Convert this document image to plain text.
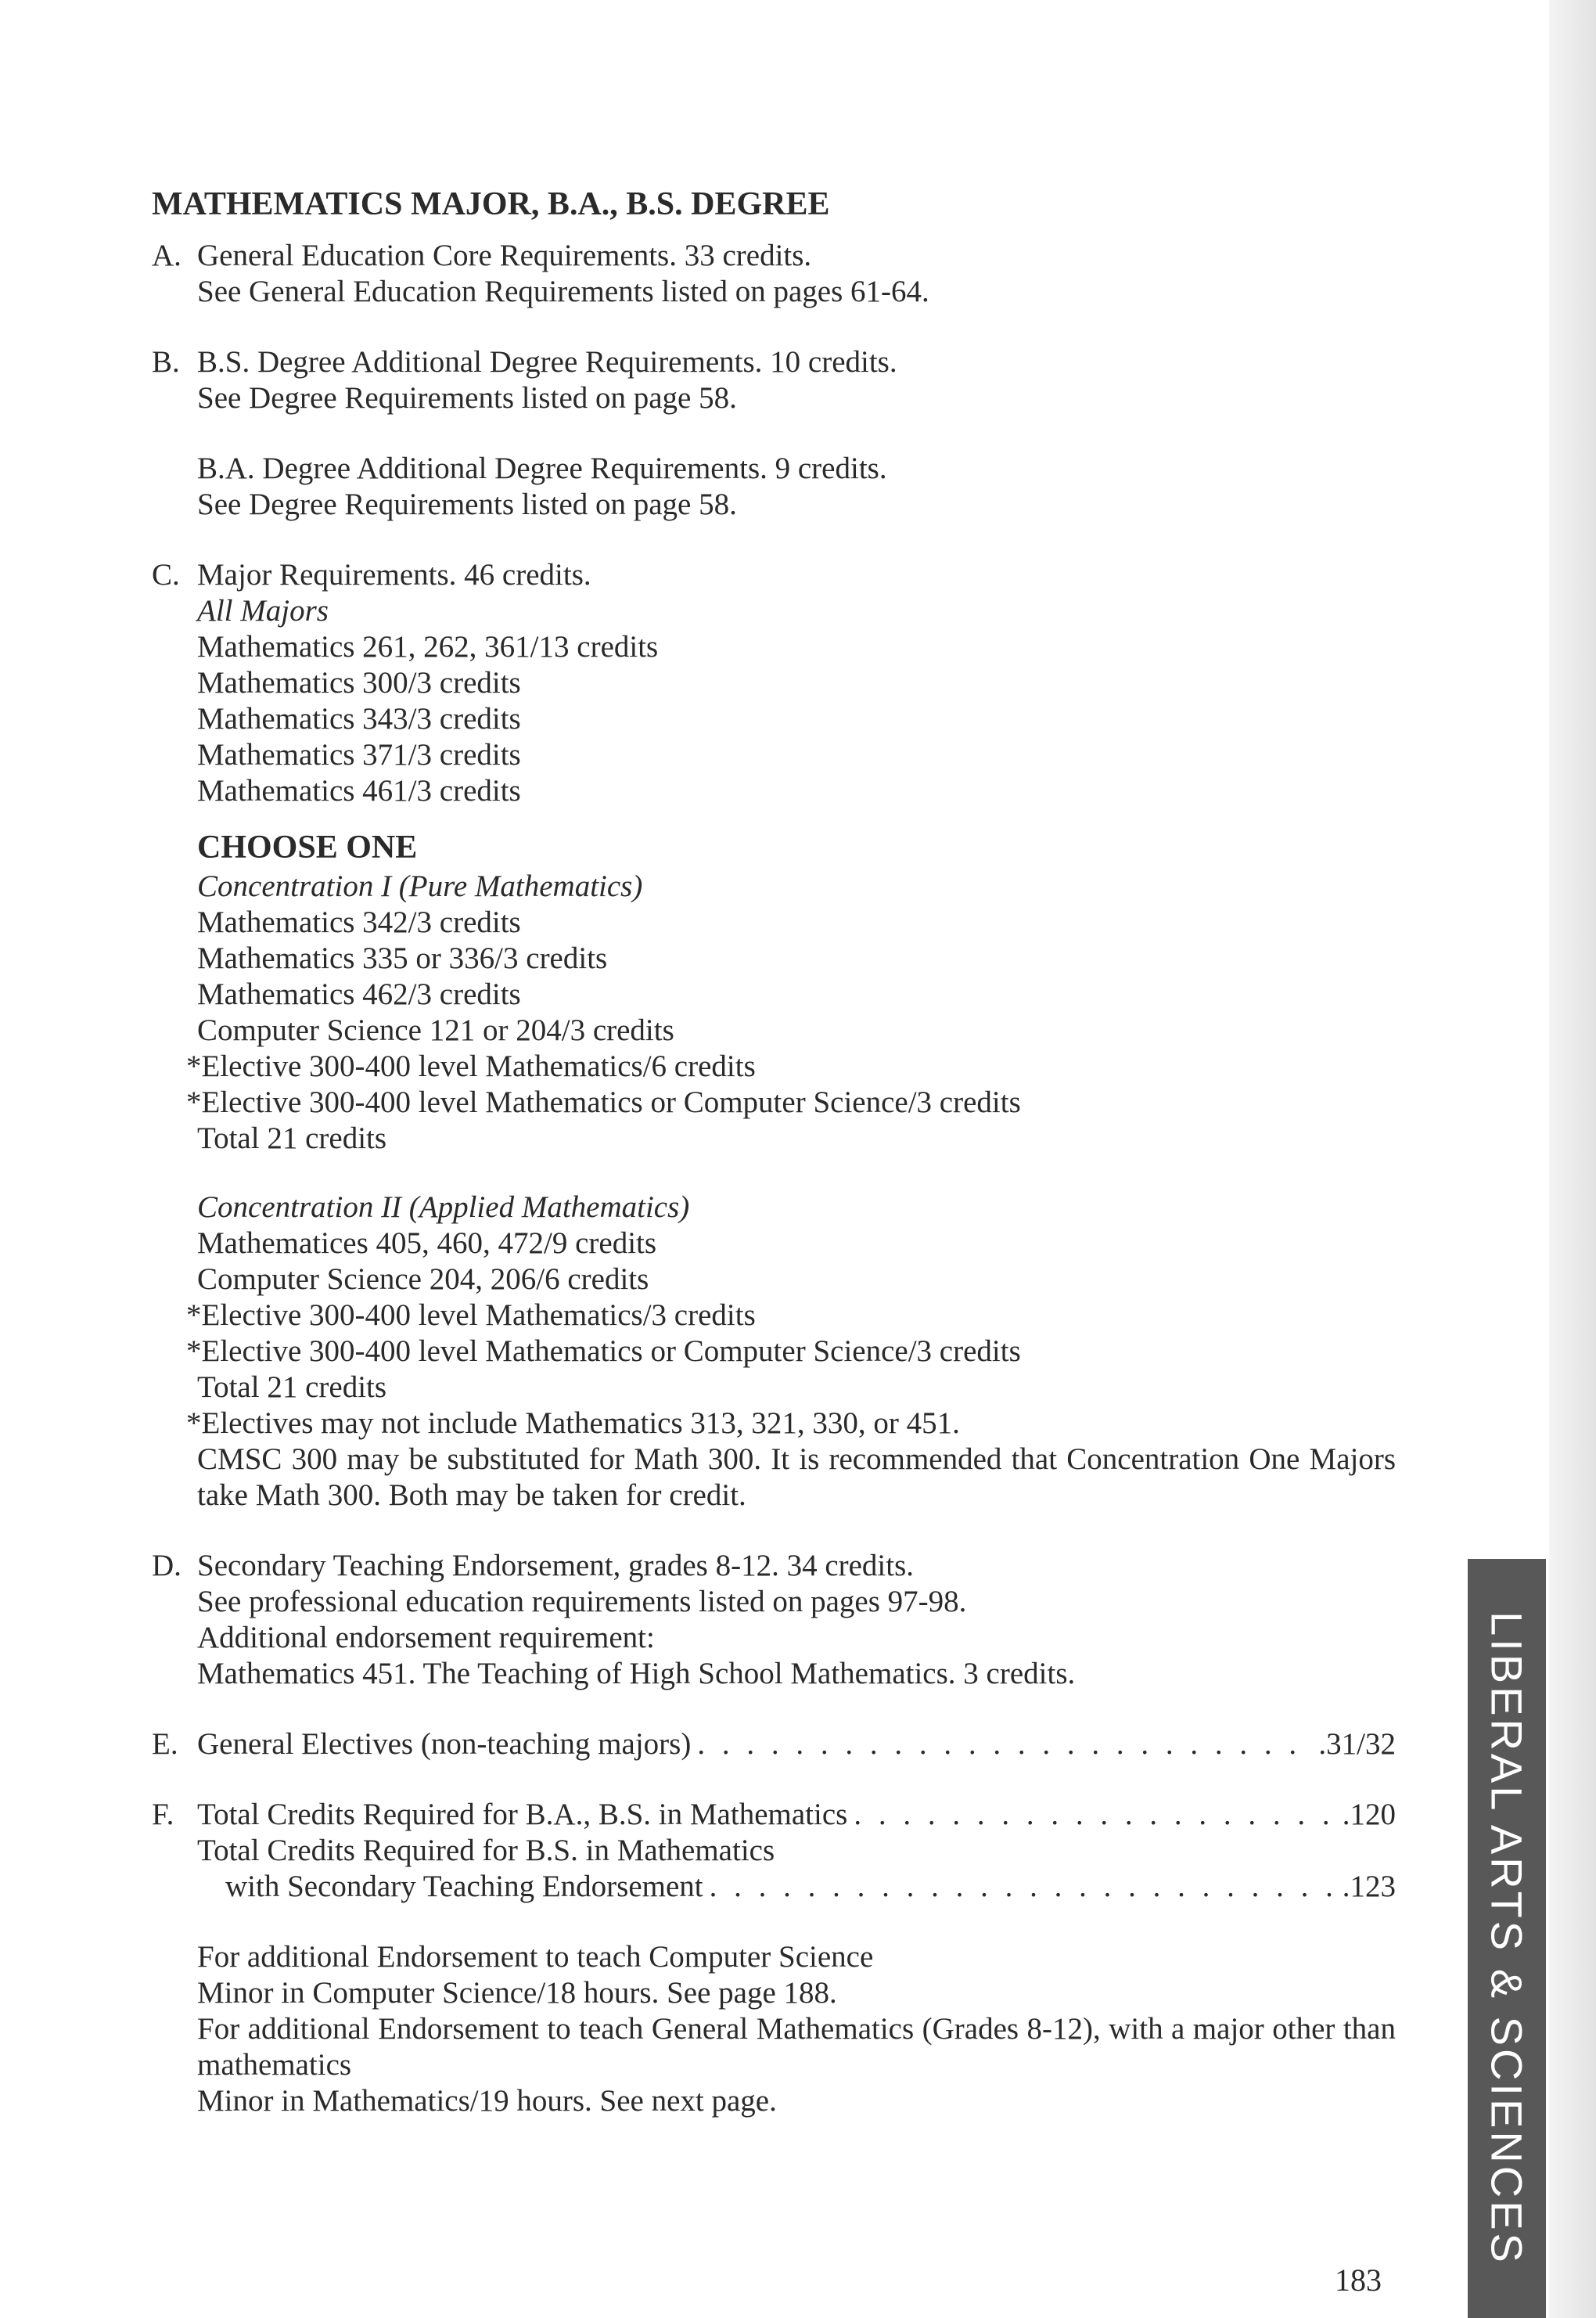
LIBERAL ARTS & SCIENCES
MATHEMATICS MAJOR, B.A., B.S. DEGREE
A. General Education Core Requirements. 33 credits.
See General Education Requirements listed on pages 61-64.
B. B.S. Degree Additional Degree Requirements. 10 credits.
See Degree Requirements listed on page 58.
B.A. Degree Additional Degree Requirements. 9 credits.
See Degree Requirements listed on page 58.
C. Major Requirements. 46 credits.
All Majors
Mathematics 261, 262, 361/13 credits
Mathematics 300/3 credits
Mathematics 343/3 credits
Mathematics 371/3 credits
Mathematics 461/3 credits
CHOOSE ONE
Concentration I (Pure Mathematics)
Mathematics 342/3 credits
Mathematics 335 or 336/3 credits
Mathematics 462/3 credits
Computer Science 121 or 204/3 credits
*Elective 300-400 level Mathematics/6 credits
*Elective 300-400 level Mathematics or Computer Science/3 credits
Total 21 credits
Concentration II (Applied Mathematics)
Mathematices 405, 460, 472/9 credits
Computer Science 204, 206/6 credits
*Elective 300-400 level Mathematics/3 credits
*Elective 300-400 level Mathematics or Computer Science/3 credits
Total 21 credits
*Electives may not include Mathematics 313, 321, 330, or 451.
CMSC 300 may be substituted for Math 300. It is recommended that Concentration One Majors take Math 300. Both may be taken for credit.
D. Secondary Teaching Endorsement, grades 8-12. 34 credits.
See professional education requirements listed on pages 97-98.
Additional endorsement requirement:
Mathematics 451. The Teaching of High School Mathematics. 3 credits.
E. General Electives (non-teaching majors) . . .	.31/32
F. Total Credits Required for B.A., B.S. in Mathematics . . .	.120
Total Credits Required for B.S. in Mathematics
with Secondary Teaching Endorsement . . .	.123
For additional Endorsement to teach Computer Science
Minor in Computer Science/18 hours. See page 188.
For additional Endorsement to teach General Mathematics (Grades 8-12), with a major other than mathematics
Minor in Mathematics/19 hours. See next page.
183
